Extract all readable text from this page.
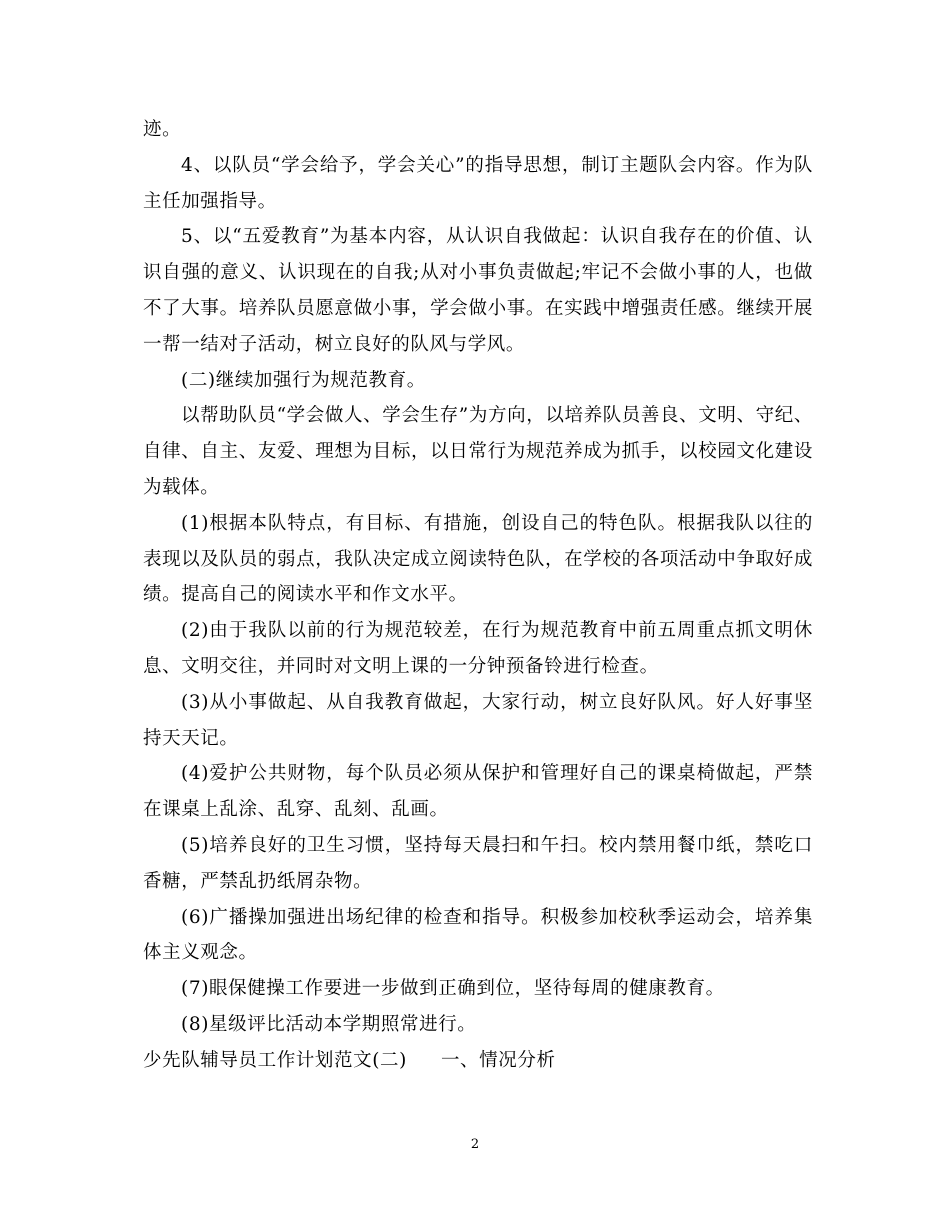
迹。

4、以队员“学会给予，学会关心”的指导思想，制订主题队会内容。作为队主任加强指导。

5、以“五爱教育”为基本内容，从认识自我做起：认识自我存在的价值、认识自强的意义、认识现在的自我;从对小事负责做起;牢记不会做小事的人，也做不了大事。培养队员愿意做小事，学会做小事。在实践中增强责任感。继续开展一帮一结对子活动，树立良好的队风与学风。

(二)继续加强行为规范教育。

以帮助队员“学会做人、学会生存”为方向，以培养队员善良、文明、守纪、自律、自主、友爱、理想为目标，以日常行为规范养成为抓手，以校园文化建设为载体。

(1)根据本队特点，有目标、有措施，创设自己的特色队。根据我队以往的表现以及队员的弱点，我队决定成立阅读特色队，在学校的各项活动中争取好成绩。提高自己的阅读水平和作文水平。

(2)由于我队以前的行为规范较差，在行为规范教育中前五周重点抓文明休息、文明交往，并同时对文明上课的一分钟预备铃进行检查。

(3)从小事做起、从自我教育做起，大家行动，树立良好队风。好人好事坚持天天记。

(4)爱护公共财物，每个队员必须从保护和管理好自己的课桌椅做起，严禁在课桌上乱涂、乱穿、乱刻、乱画。

(5)培养良好的卫生习惯，坚持每天晨扫和午扫。校内禁用餐巾纸，禁吃口香糖，严禁乱扔纸屑杂物。

(6)广播操加强进出场纪律的检查和指导。积极参加校秋季运动会，培养集体主义观念。

(7)眼保健操工作要进一步做到正确到位，坚待每周的健康教育。

(8)星级评比活动本学期照常进行。

少先队辅导员工作计划范文(二) 一、情况分析

2
